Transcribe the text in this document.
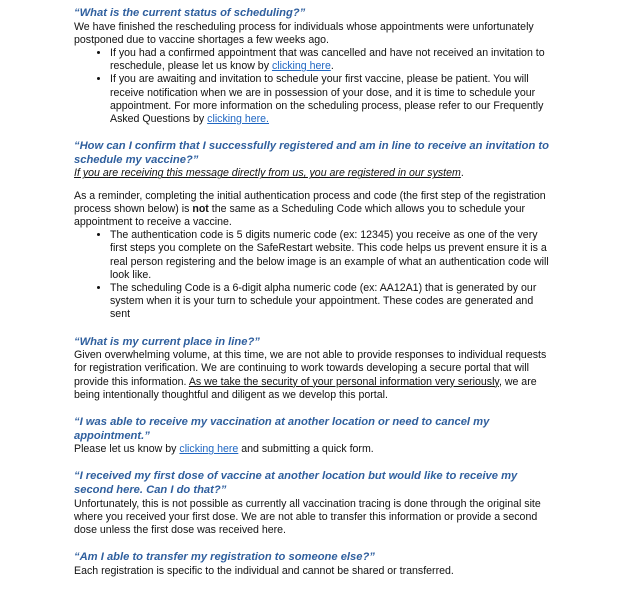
“What is the current status of scheduling?”

We have finished the rescheduling process for individuals whose appointments were unfortunately postponed due to vaccine shortages a few weeks ago.

• If you had a confirmed appointment that was cancelled and have not received an invitation to reschedule, please let us know by clicking here.
• If you are awaiting and invitation to schedule your first vaccine, please be patient. You will receive notification when we are in possession of your dose, and it is time to schedule your appointment. For more information on the scheduling process, please refer to our Frequently Asked Questions by clicking here.

“How can I confirm that I successfully registered and am in line to receive an invitation to schedule my vaccine?”

If you are receiving this message directly from us, you are registered in our system.

As a reminder, completing the initial authentication process and code (the first step of the registration process shown below) is not the same as a Scheduling Code which allows you to schedule your appointment to receive a vaccine.

• The authentication code is 5 digits numeric code (ex: 12345) you receive as one of the very first steps you complete on the SafeRestart website. This code helps us prevent ensure it is a real person registering and the below image is an example of what an authentication code will look like.
• The scheduling Code is a 6-digit alpha numeric code (ex: AA12A1) that is generated by our system when it is your turn to schedule your appointment. These codes are generated and sent

“What is my current place in line?”

Given overwhelming volume, at this time, we are not able to provide responses to individual requests for registration verification. We are continuing to work towards developing a secure portal that will provide this information. As we take the security of your personal information very seriously, we are being intentionally thoughtful and diligent as we develop this portal.

“I was able to receive my vaccination at another location or need to cancel my appointment.”

Please let us know by clicking here and submitting a quick form.

“I received my first dose of vaccine at another location but would like to receive my second here. Can I do that?”

Unfortunately, this is not possible as currently all vaccination tracing is done through the original site where you received your first dose. We are not able to transfer this information or provide a second dose unless the first dose was received here.

“Am I able to transfer my registration to someone else?”

Each registration is specific to the individual and cannot be shared or transferred.
